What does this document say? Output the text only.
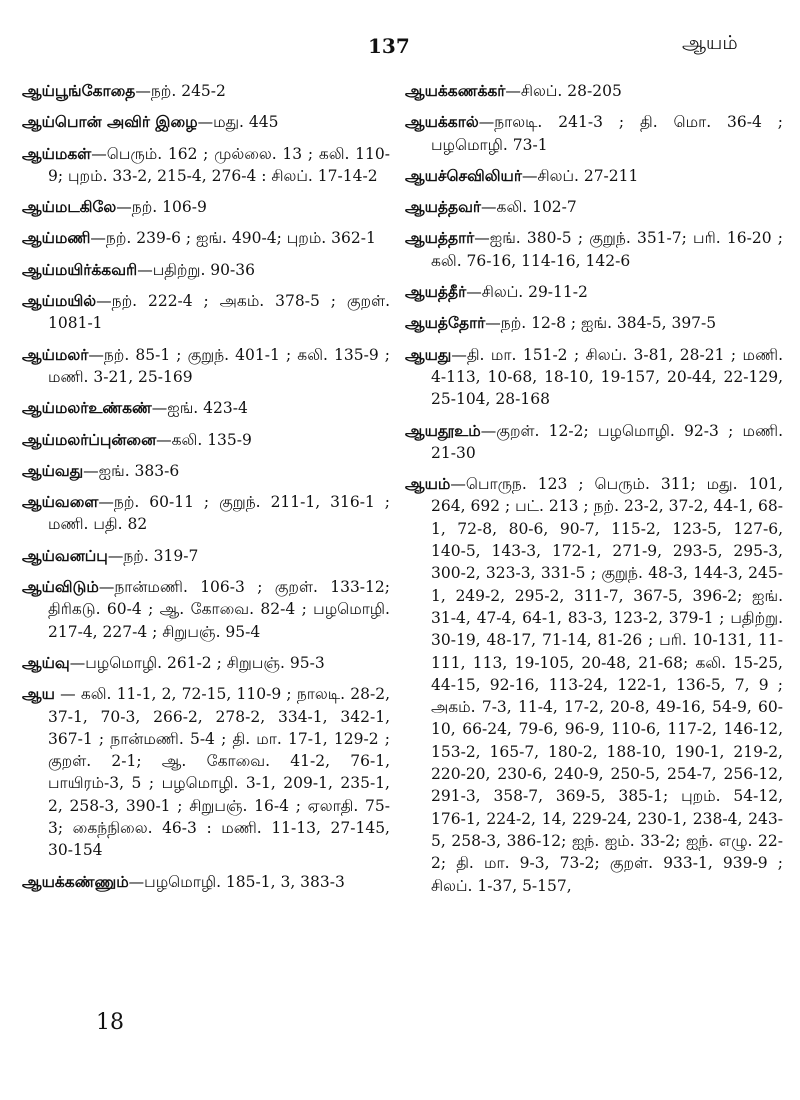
137	ஆயம்

ஆய்பூங்கோதை—நற். 245-2

ஆய்பொன் அவிர் இழை—மது. 445

ஆய்மகள்—பெரும். 162 ; முல்லை. 13 ; கலி. 110-9; புறம். 33-2, 215-4, 276-4 : சிலப். 17-14-2

ஆய்மடகிலே—நற். 106-9

ஆய்மணி—நற். 239-6 ; ஐங். 490-4; புறம். 362-1

ஆய்மயிர்க்கவரி—பதிற்று. 90-36

ஆய்மயில்—நற். 222-4 ; அகம். 378-5 ; குறள். 1081-1

ஆய்மலர்—நற். 85-1 ; குறுந். 401-1 ; கலி. 135-9 ; மணி. 3-21, 25-169

ஆய்மலர்உண்கண்—ஐங். 423-4

ஆய்மலர்ப்புன்னை—கலி. 135-9

ஆய்வது—ஐங். 383-6

ஆய்வளை—நற். 60-11 ; குறுந். 211-1, 316-1 ; மணி. பதி. 82

ஆய்வனப்பு—நற். 319-7

ஆய்விடும்—நான்மணி. 106-3 ; குறள். 133-12; திரிகடு. 60-4 ; ஆ. கோவை. 82-4 ; பழமொழி. 217-4, 227-4 ; சிறுபஞ். 95-4

ஆய்வு—பழமொழி. 261-2 ; சிறுபஞ். 95-3

ஆய — கலி. 11-1, 2, 72-15, 110-9 ; நாலடி. 28-2, 37-1, 70-3, 266-2, 278-2, 334-1, 342-1, 367-1 ; நான்மணி. 5-4 ; தி. மா. 17-1, 129-2 ; குறள். 2-1; ஆ. கோவை. 41-2, 76-1, பாயிரம்-3, 5 ; பழமொழி. 3-1, 209-1, 235-1, 2, 258-3, 390-1 ; சிறுபஞ். 16-4 ; ஏலாதி. 75-3; கைந்நிலை. 46-3 : மணி. 11-13, 27-145, 30-154

ஆயக்கண்ணும்—பழமொழி. 185-1, 3, 383-3

ஆயக்கணக்கர்—சிலப். 28-205

ஆயக்கால்—நாலடி. 241-3 ; தி. மொ. 36-4 ; பழமொழி. 73-1

ஆயச்செவிலியர்—சிலப். 27-211

ஆயத்தவர்—கலி. 102-7

ஆயத்தார்—ஐங். 380-5 ; குறுந். 351-7; பரி. 16-20 ; கலி. 76-16, 114-16, 142-6

ஆயத்தீர்—சிலப். 29-11-2

ஆயத்தோர்—நற். 12-8 ; ஐங். 384-5, 397-5

ஆயது—தி. மா. 151-2 ; சிலப். 3-81, 28-21 ; மணி. 4-113, 10-68, 18-10, 19-157, 20-44, 22-129, 25-104, 28-168

ஆயதூஉம்—குறள். 12-2; பழமொழி. 92-3 ; மணி. 21-30

ஆயம்—பொருந. 123 ; பெரும். 311; மது. 101, 264, 692 ; பட். 213 ; நற். 23-2, 37-2, 44-1, 68-1, 72-8, 80-6, 90-7, 115-2, 123-5, 127-6, 140-5, 143-3, 172-1, 271-9, 293-5, 295-3, 300-2, 323-3, 331-5 ; குறுந். 48-3, 144-3, 245-1, 249-2, 295-2, 311-7, 367-5, 396-2; ஐங். 31-4, 47-4, 64-1, 83-3, 123-2, 379-1 ; பதிற்று. 30-19, 48-17, 71-14, 81-26 ; பரி. 10-131, 11-111, 113, 19-105, 20-48, 21-68; கலி. 15-25, 44-15, 92-16, 113-24, 122-1, 136-5, 7, 9 ; அகம். 7-3, 11-4, 17-2, 20-8, 49-16, 54-9, 60-10, 66-24, 79-6, 96-9, 110-6, 117-2, 146-12, 153-2, 165-7, 180-2, 188-10, 190-1, 219-2, 220-20, 230-6, 240-9, 250-5, 254-7, 256-12, 291-3, 358-7, 369-5, 385-1; புறம். 54-12, 176-1, 224-2, 14, 229-24, 230-1, 238-4, 243-5, 258-3, 386-12; ஐந். ஐம். 33-2; ஐந். எழு. 22-2; தி. மா. 9-3, 73-2; குறள். 933-1, 939-9 ; சிலப். 1-37, 5-157,

18
